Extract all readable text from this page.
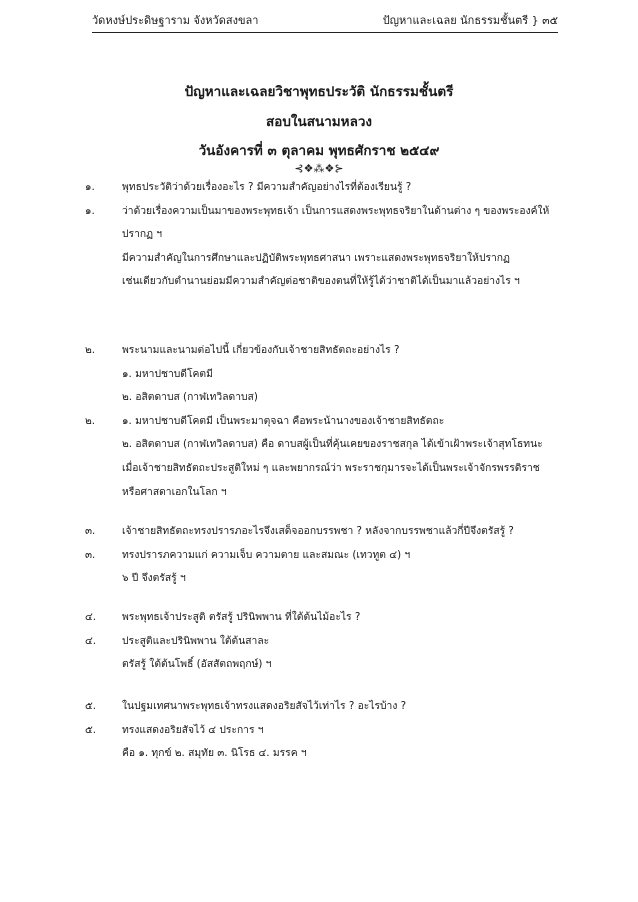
วัดหงษ์ประดิษฐาราม จังหวัดสงขลา	ปัญหาและเฉลย นักธรรมชั้นตรี } ๓๕
ปัญหาและเฉลยวิชาพุทธประวัติ นักธรรมชั้นตรี
สอบในสนามหลวง
วันอังคารที่ ๓ ตุลาคม พุทธศักราช ๒๕๔๙
⊰❖⁂❖⊱
๑.	พุทธประวัติว่าด้วยเรื่องอะไร ? มีความสำคัญอย่างไรที่ต้องเรียนรู้ ?
๑.	ว่าด้วยเรื่องความเป็นมาของพระพุทธเจ้า เป็นการแสดงพระพุทธจริยาในด้านต่าง ๆ ของพระองค์ให้
ปรากฏ ฯ
มีความสำคัญในการศึกษาและปฏิบัติพระพุทธศาสนา เพราะแสดงพระพุทธจริยาให้ปรากฏ
เช่นเดียวกับตำนานย่อมมีความสำคัญต่อชาติของตนที่ให้รู้ได้ว่าชาติได้เป็นมาแล้วอย่างไร ฯ
๒.	พระนามและนามต่อไปนี้ เกี่ยวข้องกับเจ้าชายสิทธัตถะอย่างไร ?
๑. มหาปชาบดีโคตมี
๒. อสิตดาบส (กาฬเทวิลดาบส)
๒.	๑. มหาปชาบดีโคตมี เป็นพระมาตุจฉา คือพระน้านางของเจ้าชายสิทธัตถะ
๒. อสิตดาบส (กาฬเทวิลดาบส) คือ ดาบสผู้เป็นที่คุ้นเคยของราชสกุล ได้เข้าเฝ้าพระเจ้าสุทโธทนะ
เมื่อเจ้าชายสิทธัตถะประสูติใหม่ ๆ และพยากรณ์ว่า พระราชกุมารจะได้เป็นพระเจ้าจักรพรรดิราช
หรือศาสดาเอกในโลก ฯ
๓.	เจ้าชายสิทธัตถะทรงปรารภอะไรจึงเสด็จออกบรรพชา ? หลังจากบรรพชาแล้วกี่ปีจึงตรัสรู้ ?
๓.	ทรงปรารภความแก่ ความเจ็บ ความตาย และสมณะ (เทวทูต ๔) ฯ
๖ ปี จึงตรัสรู้ ฯ
๔.	พระพุทธเจ้าประสูติ ตรัสรู้ ปรินิพพาน ที่ใต้ต้นไม้อะไร ?
๔.	ประสูติและปรินิพพาน ใต้ต้นสาละ
ตรัสรู้ ใต้ต้นโพธิ์ (อัสสัตถพฤกษ์) ฯ
๕.	ในปฐมเทศนาพระพุทธเจ้าทรงแสดงอริยสัจไว้เท่าไร ? อะไรบ้าง ?
๕.	ทรงแสดงอริยสัจไว้ ๔ ประการ ฯ
คือ ๑. ทุกข์ ๒. สมุทัย ๓. นิโรธ ๔. มรรค ฯ
